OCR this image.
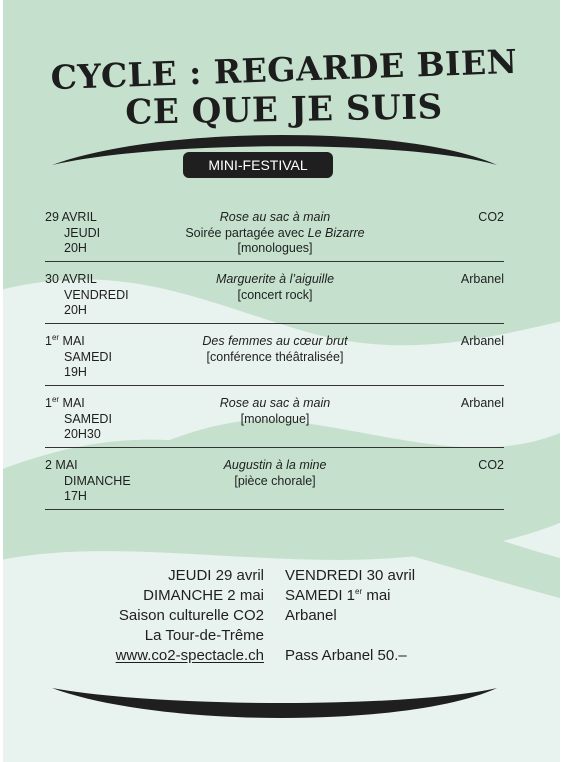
CYCLE : REGARDE BIEN
CE QUE JE SUIS
MINI-FESTIVAL
29 AVRIL
JEUDI
20H
Rose au sac à main
Soirée partagée avec Le Bizarre
[monologues]
CO2
30 AVRIL
VENDREDI
20H
Marguerite à l’aiguille
[concert rock]
Arbanel
1er MAI
SAMEDI
19H
Des femmes au cœur brut
[conférence théâtralisée]
Arbanel
1er MAI
SAMEDI
20H30
Rose au sac à main
[monologue]
Arbanel
2 MAI
DIMANCHE
17H
Augustin à la mine
[pièce chorale]
CO2
JEUDI 29 avril
DIMANCHE 2 mai
Saison culturelle CO2
La Tour-de-Trême
www.co2-spectacle.ch
VENDREDI 30 avril
SAMEDI 1er mai
Arbanel
Pass Arbanel 50.–
